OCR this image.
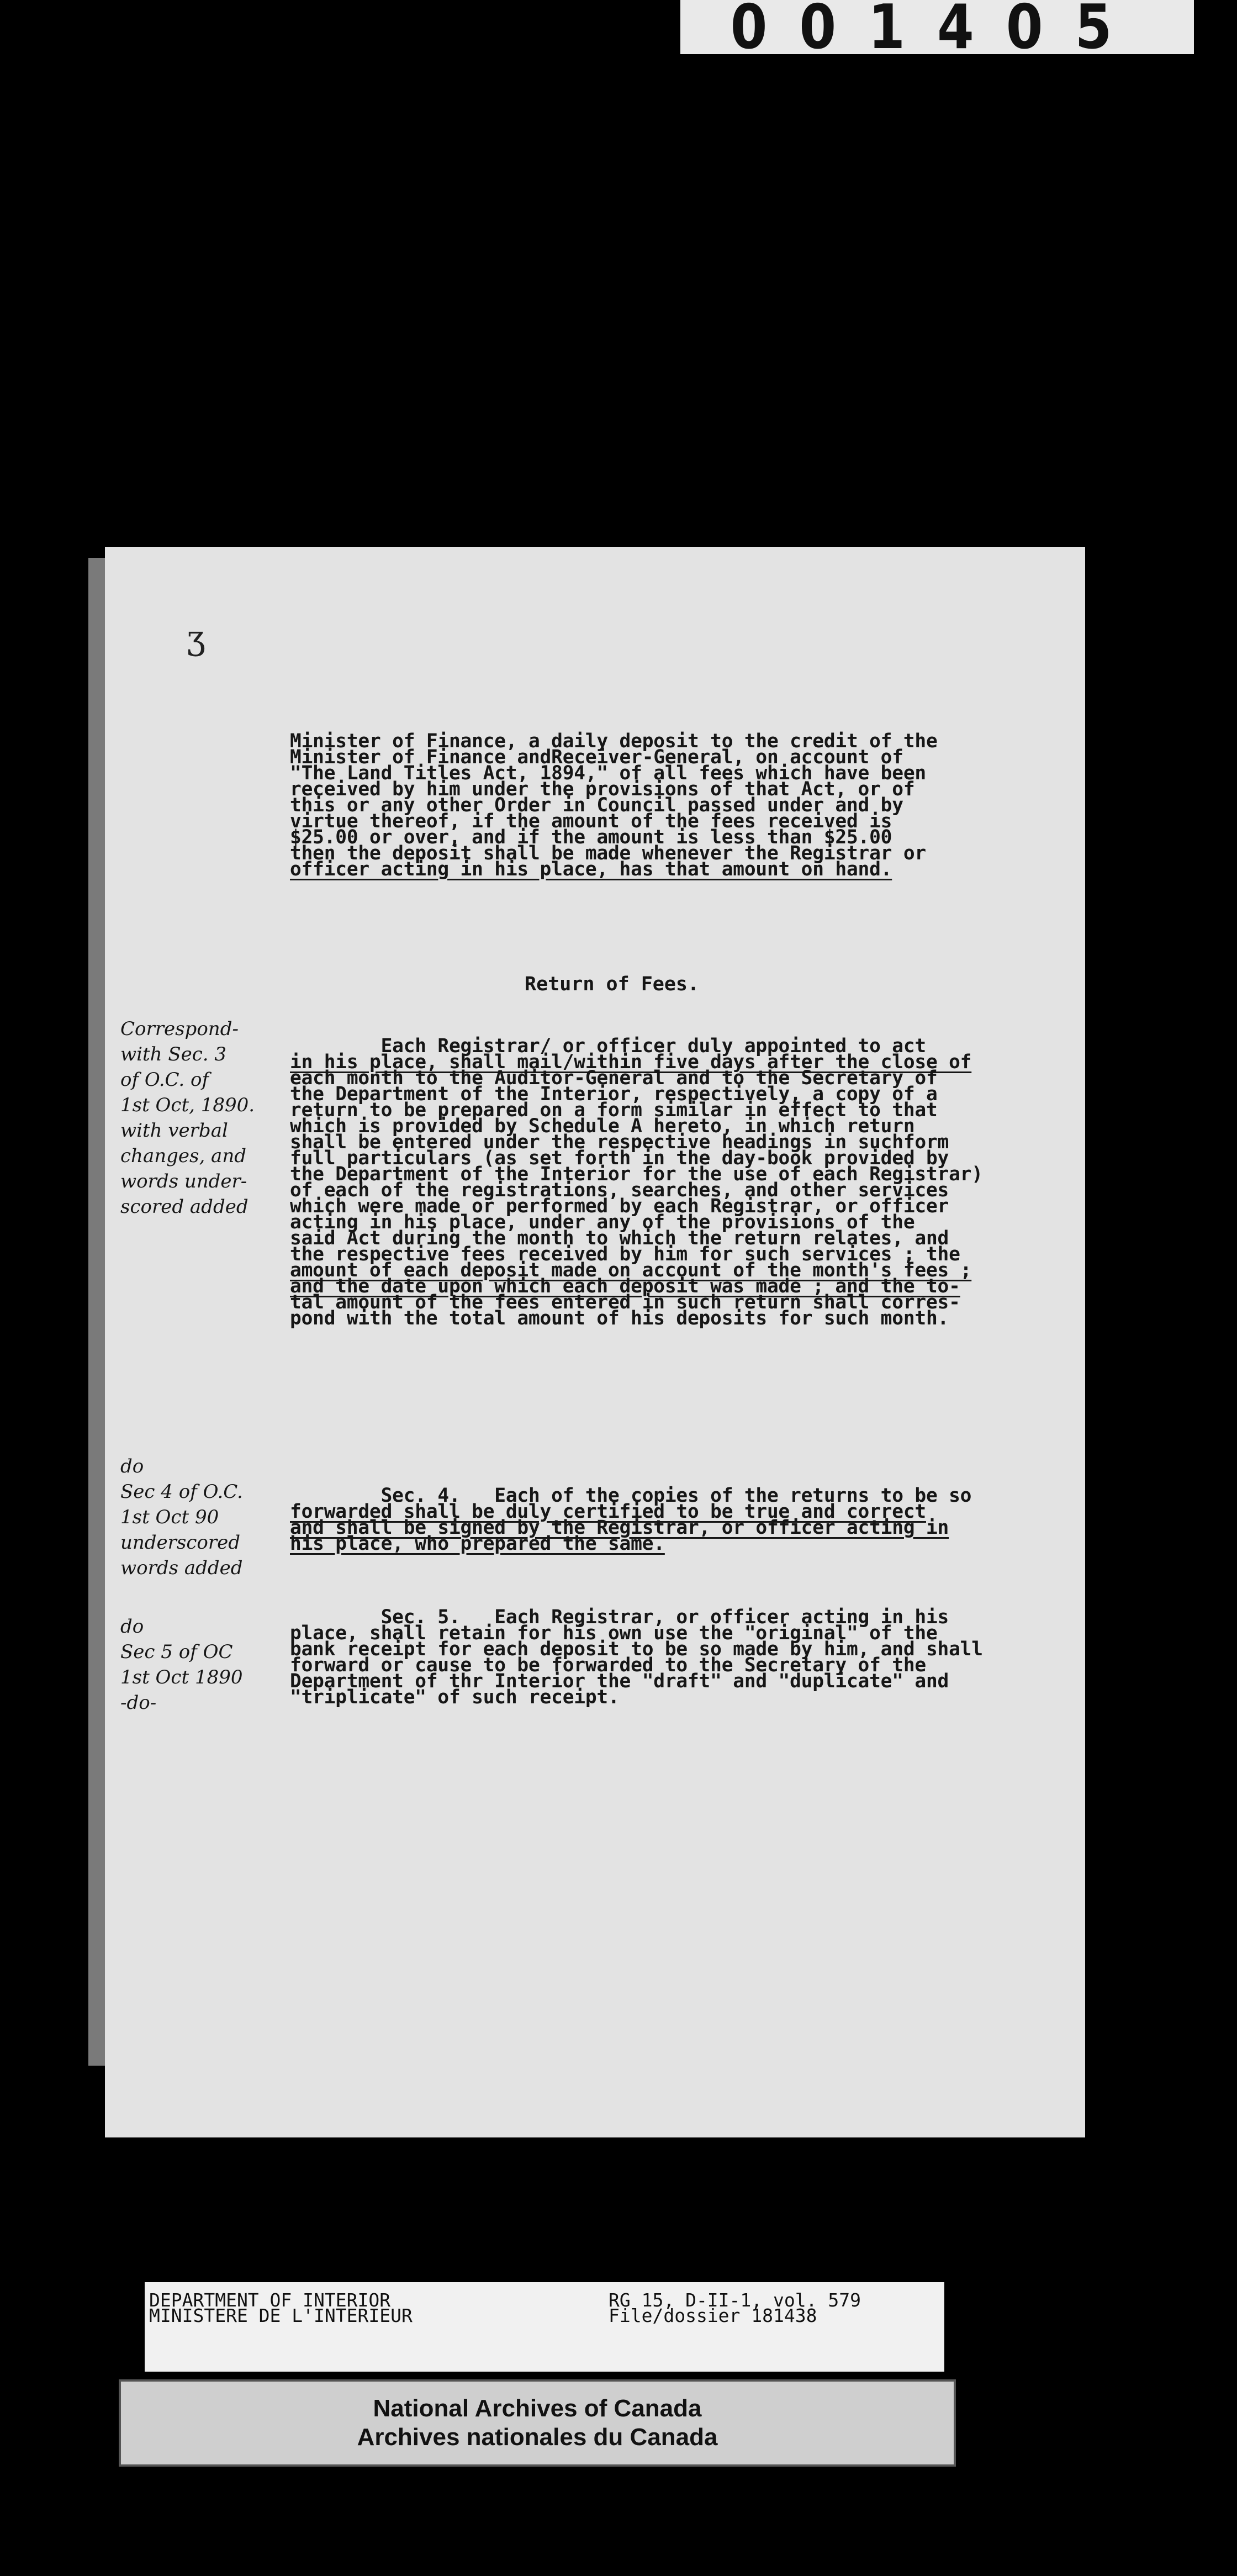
001405
ʒ
Minister of Finance, a daily deposit to the credit of the
Minister of Finance andReceiver-General, on account of
"The Land Titles Act, 1894," of all fees which have been
received by him under the provisions of that Act, or of
this or any other Order in Council passed under and by
virtue thereof, if the amount of the fees received is
$25.00 or over, and if the amount is less than $25.00
then the deposit shall be made whenever the Registrar or
officer acting in his place, has that amount on hand.
Return of Fees.
Each Registrar/ or officer duly appointed to act
in his place, shall mail/within five days after the close of
each month to the Auditor-General and to the Secretary of
the Department of the Interior, respectively, a copy of a
return to be prepared on a form similar in effect to that
which is provided by Schedule A hereto, in which return
shall be entered under the respective headings in suchform
full particulars (as set forth in the day-book provided by
the Department of the Interior for the use of each Registrar)
of each of the registrations, searches, and other services
which were made or performed by each Registrar, or officer
acting in his place, under any of the provisions of the
said Act during the month to which the return relates, and
the respective fees received by him for such services ; the
amount of each deposit made on account of the month's fees ;
and the date upon which each deposit was made ; and the to-
tal amount of the fees entered in such return shall corres-
pond with the total amount of his deposits for such month.
Sec. 4.   Each of the copies of the returns to be so
forwarded shall be duly certified to be true and correct
and shall be signed by the Registrar, or officer acting in
his place, who prepared the same.
Sec. 5.   Each Registrar, or officer acting in his
place, shall retain for his own use the "original" of the
bank receipt for each deposit to be so made by him, and shall
forward or cause to be forwarded to the Secretary of the
Department of thr Interior the "draft" and "duplicate" and
"triplicate" of such receipt.
Correspond-
with Sec. 3
of O.C. of
1st Oct, 1890.
with verbal
changes, and
words under-
scored added
do
Sec 4 of O.C.
1st Oct 90
underscored
words added
do
Sec 5 of OC
1st Oct 1890
-do-
DEPARTMENT OF INTERIOR
MINISTERE DE L'INTERIEUR
RG 15, D-II-1, vol. 579
File/dossier 181438
National Archives of Canada
Archives nationales du Canada
